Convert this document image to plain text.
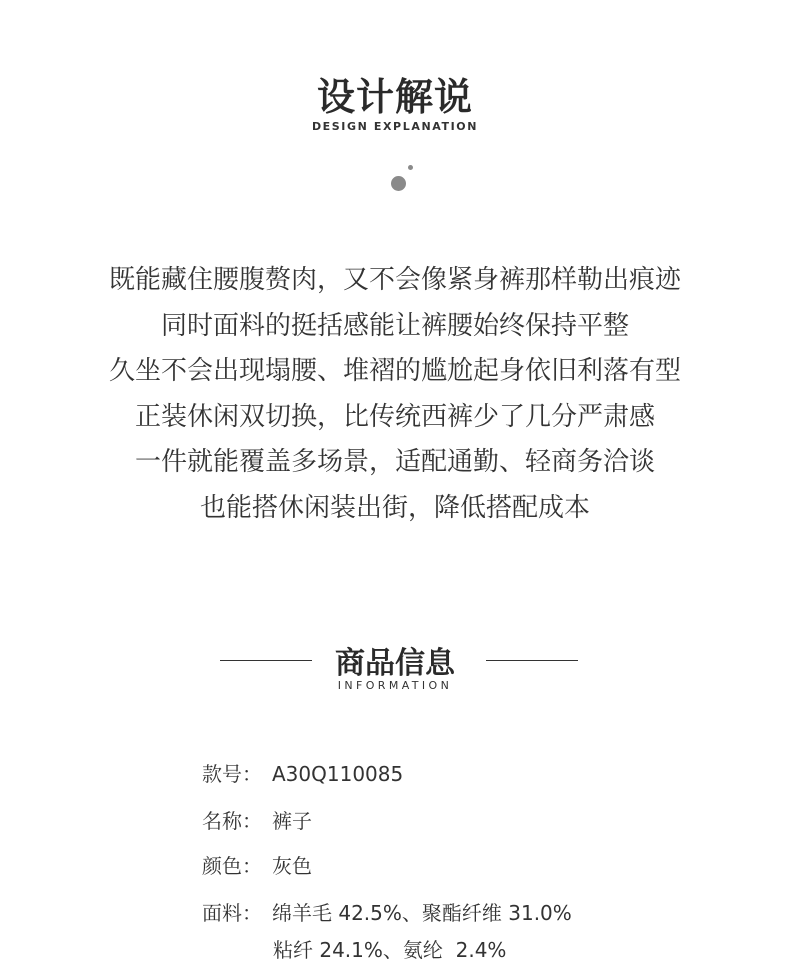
设计解说
DESIGN EXPLANATION
既能藏住腰腹赘肉，又不会像紧身裤那样勒出痕迹
同时面料的挺括感能让裤腰始终保持平整
久坐不会出现塌腰、堆褶的尴尬起身依旧利落有型
正装休闲双切换，比传统西裤少了几分严肃感
一件就能覆盖多场景，适配通勤、轻商务洽谈
也能搭休闲装出街，降低搭配成本
商品信息
INFORMATION
款号： A30Q110085
名称： 裤子
颜色： 灰色
面料： 绵羊毛 42.5%、聚酯纤维 31.0%
粘纤 24.1%、氨纶  2.4%
